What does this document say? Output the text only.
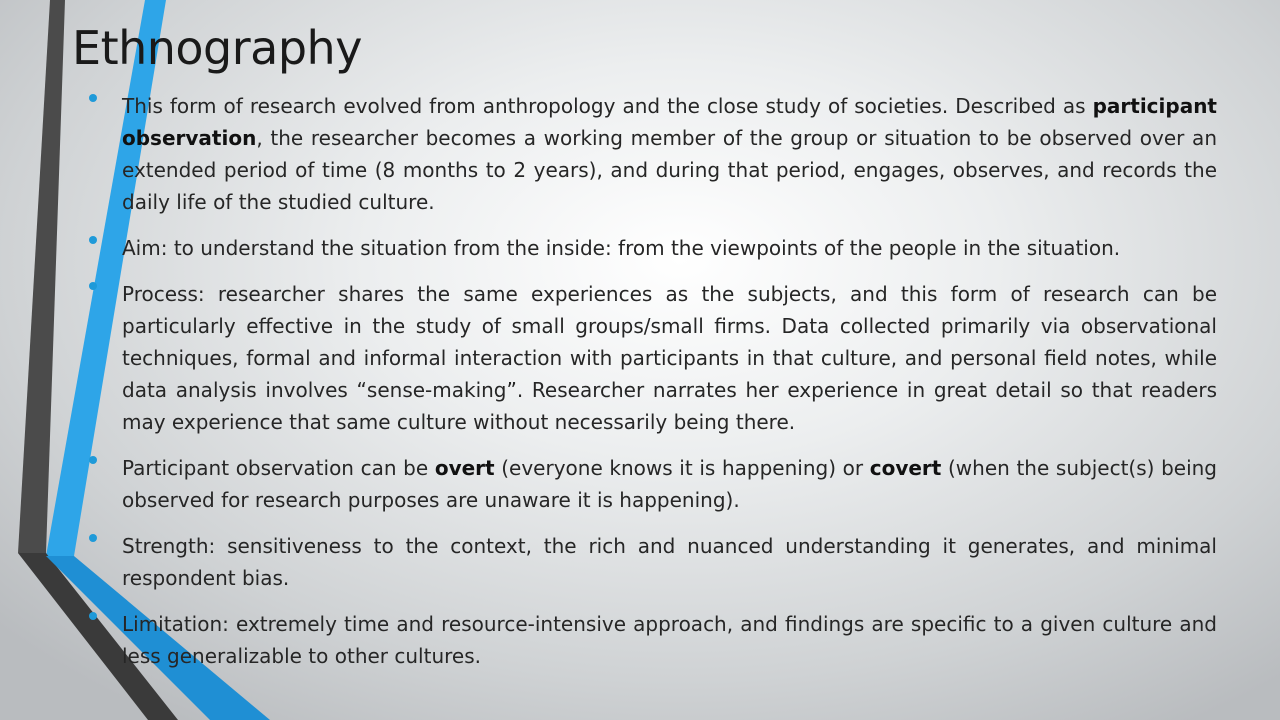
Ethnography
This form of research evolved from anthropology and the close study of societies. Described as participant observation, the researcher becomes a working member of the group or situation to be observed over an extended period of time (8 months to 2 years), and during that period, engages, observes, and records the daily life of the studied culture.
Aim: to understand the situation from the inside: from the viewpoints of the people in the situation.
Process: researcher shares the same experiences as the subjects, and this form of research can be particularly effective in the study of small groups/small firms. Data collected primarily via observational techniques, formal and informal interaction with participants in that culture, and personal field notes, while data analysis involves “sense-making”. Researcher narrates her experience in great detail so that readers may experience that same culture without necessarily being there.
Participant observation can be overt (everyone knows it is happening) or covert (when the subject(s) being observed for research purposes are unaware it is happening).
Strength: sensitiveness to the context, the rich and nuanced understanding it generates, and minimal respondent bias.
Limitation: extremely time and resource-intensive approach, and findings are specific to a given culture and less generalizable to other cultures.
